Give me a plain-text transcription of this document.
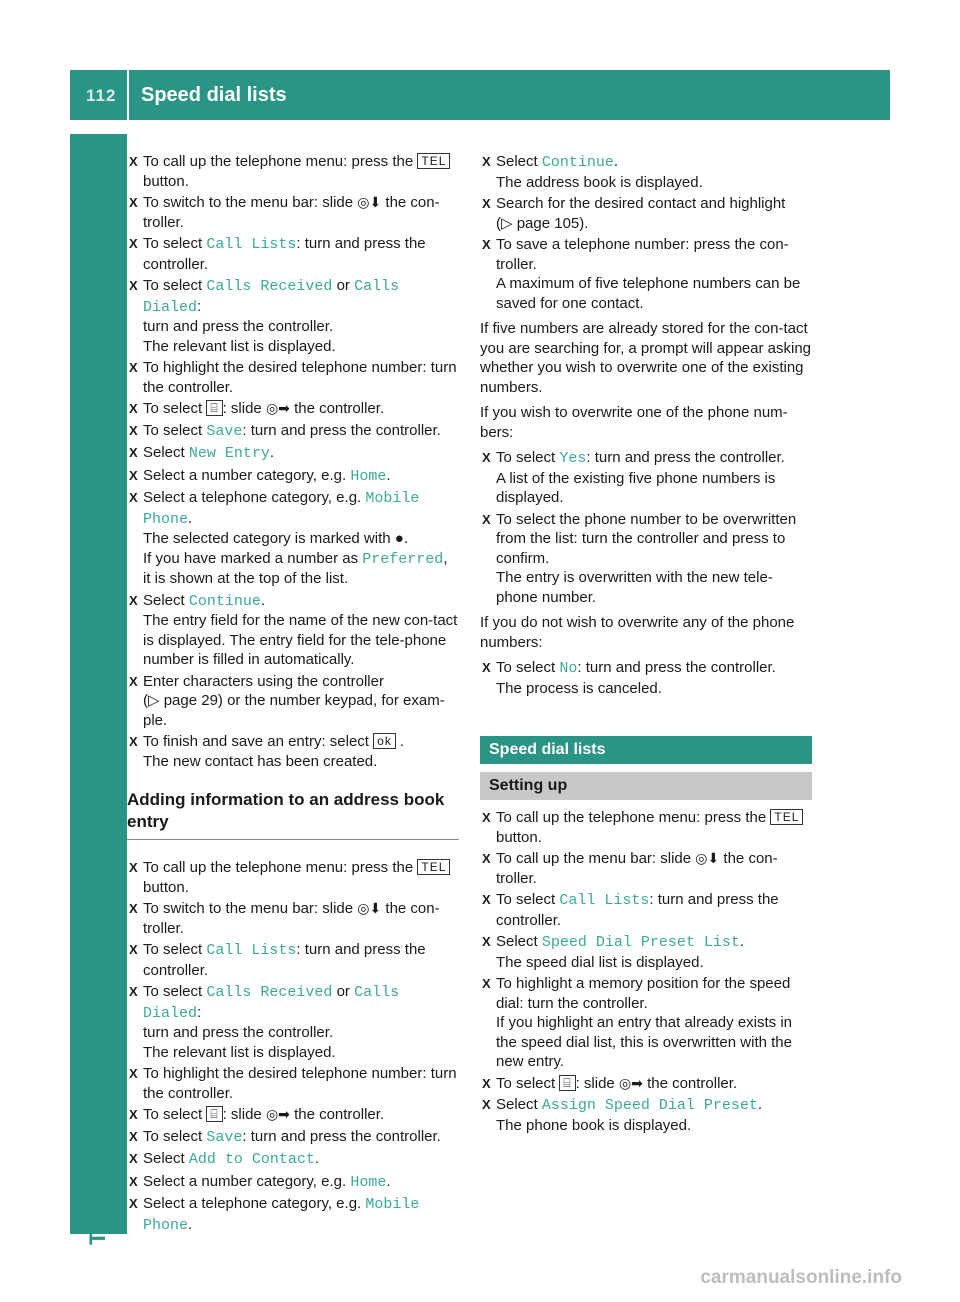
112 Speed dial lists
Telephone
X To call up the telephone menu: press the TEL button.
X To switch to the menu bar: slide ◎⬇ the con-troller.
X To select Call Lists: turn and press the controller.
X To select Calls Received or Calls Dialed:
turn and press the controller.
The relevant list is displayed.
X To highlight the desired telephone number: turn the controller.
X To select ⌸ : slide ◎➡ the controller.
X To select Save: turn and press the controller.
X Select New Entry.
X Select a number category, e.g. Home.
X Select a telephone category, e.g. Mobile Phone.
The selected category is marked with ●.
If you have marked a number as Preferred, it is shown at the top of the list.
X Select Continue.
The entry field for the name of the new con-tact is displayed. The entry field for the tele-phone number is filled in automatically.
X Enter characters using the controller
(▷ page 29) or the number keypad, for exam-ple.
X To finish and save an entry: select ok .
The new contact has been created.
Adding information to an address book entry
X To call up the telephone menu: press the TEL button.
X To switch to the menu bar: slide ◎⬇ the con-troller.
X To select Call Lists: turn and press the controller.
X To select Calls Received or Calls Dialed:
turn and press the controller.
The relevant list is displayed.
X To highlight the desired telephone number: turn the controller.
X To select ⌸ : slide ◎➡ the controller.
X To select Save: turn and press the controller.
X Select Add to Contact.
X Select a number category, e.g. Home.
X Select a telephone category, e.g. Mobile Phone.
X Select Continue.
The address book is displayed.
X Search for the desired contact and highlight
(▷ page 105).
X To save a telephone number: press the con-troller.
A maximum of five telephone numbers can be saved for one contact.
If five numbers are already stored for the con-tact you are searching for, a prompt will appear asking whether you wish to overwrite one of the existing numbers.
If you wish to overwrite one of the phone num-bers:
X To select Yes: turn and press the controller.
A list of the existing five phone numbers is displayed.
X To select the phone number to be overwritten from the list: turn the controller and press to confirm.
The entry is overwritten with the new tele-phone number.
If you do not wish to overwrite any of the phone numbers:
X To select No: turn and press the controller.
The process is canceled.
Speed dial lists
Setting up
X To call up the telephone menu: press the TEL button.
X To call up the menu bar: slide ◎⬇ the con-troller.
X To select Call Lists: turn and press the controller.
X Select Speed Dial Preset List.
The speed dial list is displayed.
X To highlight a memory position for the speed dial: turn the controller.
If you highlight an entry that already exists in the speed dial list, this is overwritten with the new entry.
X To select ⌸ : slide ◎➡ the controller.
X Select Assign Speed Dial Preset.
The phone book is displayed.
carmanualsonline.info
